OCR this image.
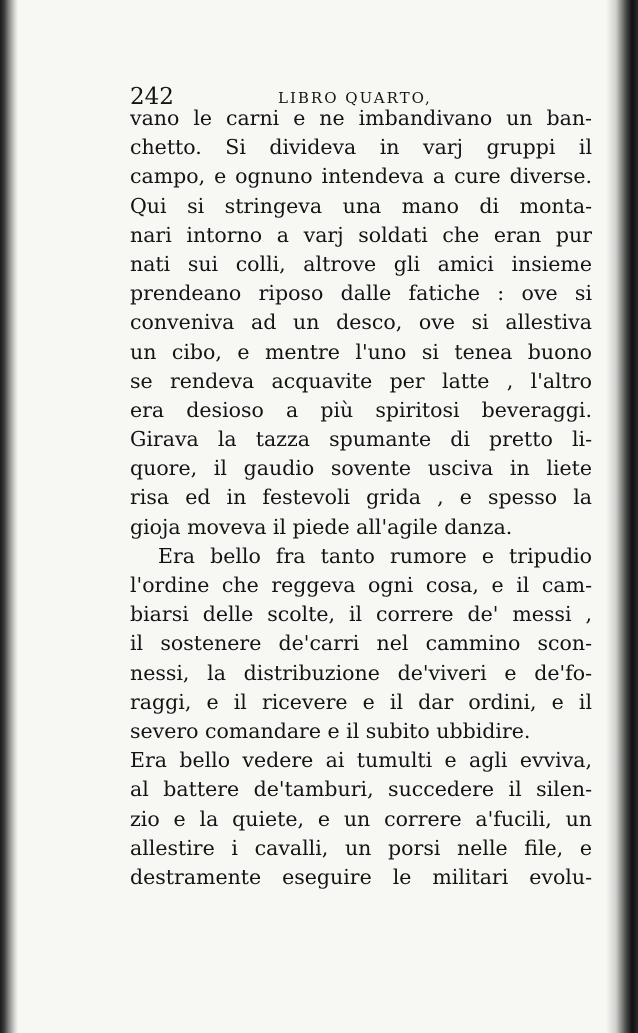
242	LIBRO QUARTO,
vano le carni e ne imbandivano un ban-
chetto. Si divideva in varj gruppi il
campo, e ognuno intendeva a cure diverse.
Qui si stringeva una mano di monta-
nari intorno a varj soldati che eran pur
nati sui colli, altrove gli amici insieme
prendeano riposo dalle fatiche : ove si
conveniva ad un desco, ove si allestiva
un cibo, e mentre l'uno si tenea buono
se rendeva acquavite per latte , l'altro
era desioso a più spiritosi beveraggi.
Girava la tazza spumante di pretto li-
quore, il gaudio sovente usciva in liete
risa ed in festevoli grida , e spesso la
gioja moveva il piede all'agile danza.
Era bello fra tanto rumore e tripudio
l'ordine che reggeva ogni cosa, e il cam-
biarsi delle scolte, il correre de' messi ,
il sostenere de'carri nel cammino scon-
nessi, la distribuzione de'viveri e de'fo-
raggi, e il ricevere e il dar ordini, e il
severo comandare e il subito ubbidire.
Era bello vedere ai tumulti e agli evviva,
al battere de'tamburi, succedere il silen-
zio e la quiete, e un correre a'fucili, un
allestire i cavalli, un porsi nelle file, e
destramente eseguire le militari evolu-
